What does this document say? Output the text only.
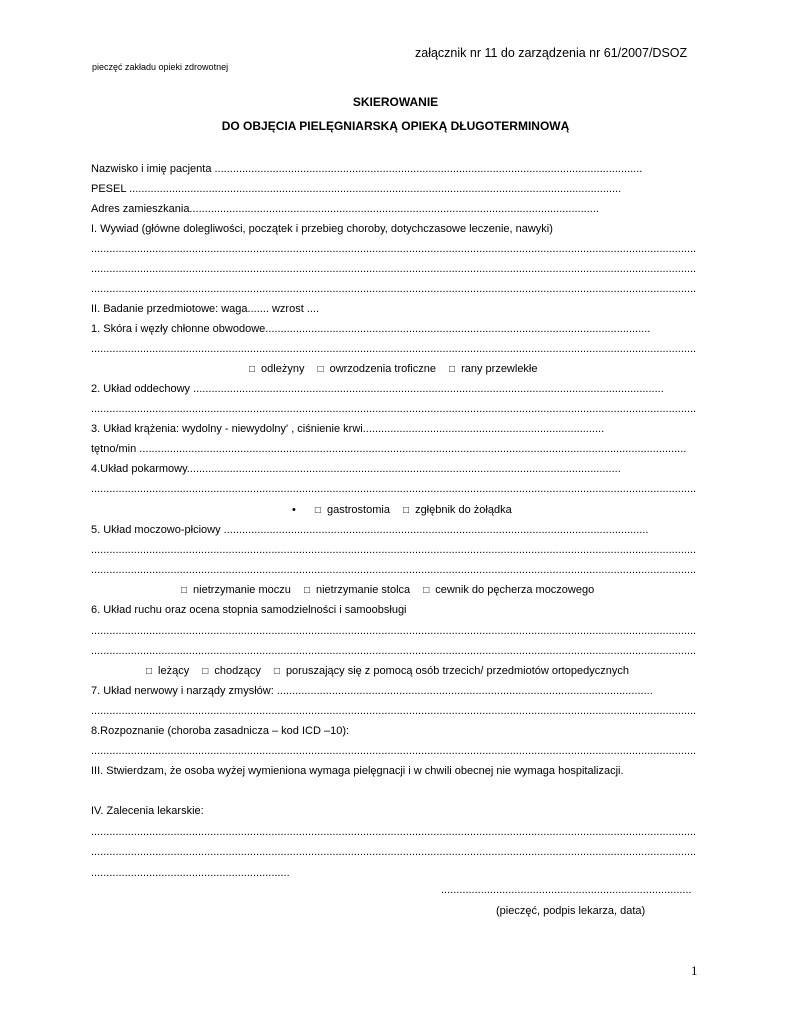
załącznik nr 11 do zarządzenia nr 61/2007/DSOZ
pieczęć zakładu opieki zdrowotnej
SKIEROWANIE
DO OBJĘCIA PIELĘGNIARSKĄ OPIEKĄ DŁUGOTERMINOWĄ
Nazwisko i imię pacjenta ............................................................................................................................................
PESEL .................................................................................................................................................................
Adres zamieszkania......................................................................................................................................
I. Wywiad (główne dolegliwości, początek i przebieg choroby, dotychczasowe leczenie, nawyki)
......................................................................................................................................................................................................
......................................................................................................................................................................................................
......................................................................................................................................................................................................
II. Badanie przedmiotowe: waga....... wzrost ....
1. Skóra i węzły chłonne obwodowe..............................................................................................................................
......................................................................................................................................................................................................
□ odleżyny □ owrzodzenia troficzne □ rany przewlekłe
2. Układ oddechowy ..........................................................................................................................................................
......................................................................................................................................................................................................
3. Układ krążenia: wydolny - niewydolny' , ciśnienie krwi...............................................................................
tętno/min ...................................................................................................................................................................................
4.Układ pokarmowy..............................................................................................................................................
......................................................................................................................................................................................................
• □ gastrostomia □ zgłębnik do żołądka
5. Układ moczowo-płciowy ...........................................................................................................................................
......................................................................................................................................................................................................
......................................................................................................................................................................................................
□ nietrzymanie moczu □ nietrzymanie stolca □ cewnik do pęcherza moczowego
6. Układ ruchu oraz ocena stopnia samodzielności i samoobsługi
......................................................................................................................................................................................................
......................................................................................................................................................................................................
□ leżący □ chodzący □ poruszający się z pomocą osób trzecich/ przedmiotów ortopedycznych
7. Układ nerwowy i narządy zmysłów: ...........................................................................................................................
......................................................................................................................................................................................................
8.Rozpoznanie (choroba zasadnicza – kod ICD –10):
......................................................................................................................................................................................................
III. Stwierdzam, że osoba wyżej wymieniona wymaga pielęgnacji i w chwili obecnej nie wymaga hospitalizacji.
IV. Zalecenia lekarskie:
......................................................................................................................................................................................................
......................................................................................................................................................................................................
.................................................................
..................................................................................
(pieczęć, podpis lekarza, data)
1
